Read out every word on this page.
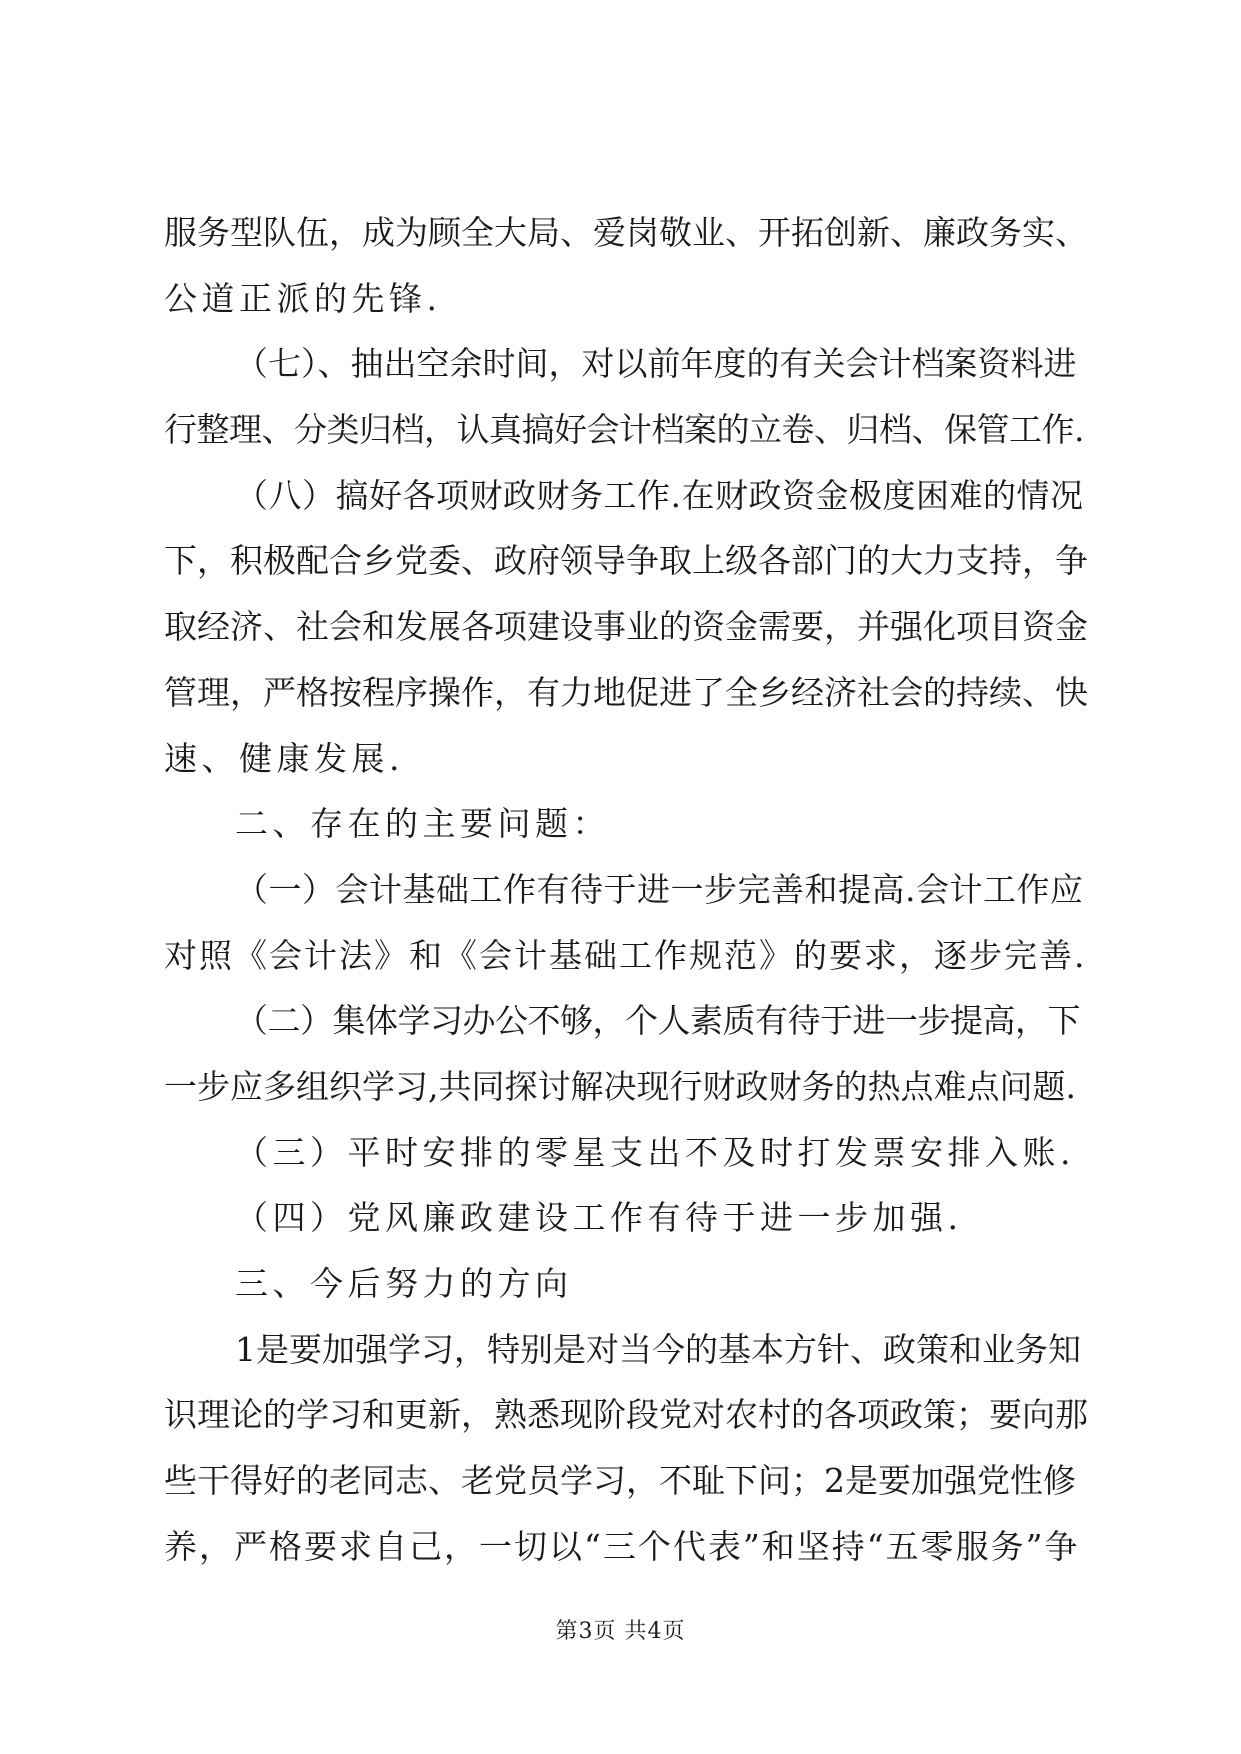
服务型队伍，成为顾全大局、爱岗敬业、开拓创新、廉政务实、
公道正派的先锋.
（七）、抽出空余时间，对以前年度的有关会计档案资料进
行整理、分类归档，认真搞好会计档案的立卷、归档、保管工作.
（八）搞好各项财政财务工作.在财政资金极度困难的情况
下，积极配合乡党委、政府领导争取上级各部门的大力支持，争
取经济、社会和发展各项建设事业的资金需要，并强化项目资金
管理，严格按程序操作，有力地促进了全乡经济社会的持续、快
速、健康发展.
二、存在的主要问题：
（一）会计基础工作有待于进一步完善和提高.会计工作应
对照《会计法》和《会计基础工作规范》的要求，逐步完善.
（二）集体学习办公不够，个人素质有待于进一步提高，下
一步应多组织学习,共同探讨解决现行财政财务的热点难点问题.
（三）平时安排的零星支出不及时打发票安排入账.
（四）党风廉政建设工作有待于进一步加强.
三、今后努力的方向
1是要加强学习，特别是对当今的基本方针、政策和业务知
识理论的学习和更新，熟悉现阶段党对农村的各项政策；要向那
些干得好的老同志、老党员学习，不耻下问；2是要加强党性修
养，严格要求自己，一切以“三个代表”和坚持“五零服务”争
第3页 共4页
